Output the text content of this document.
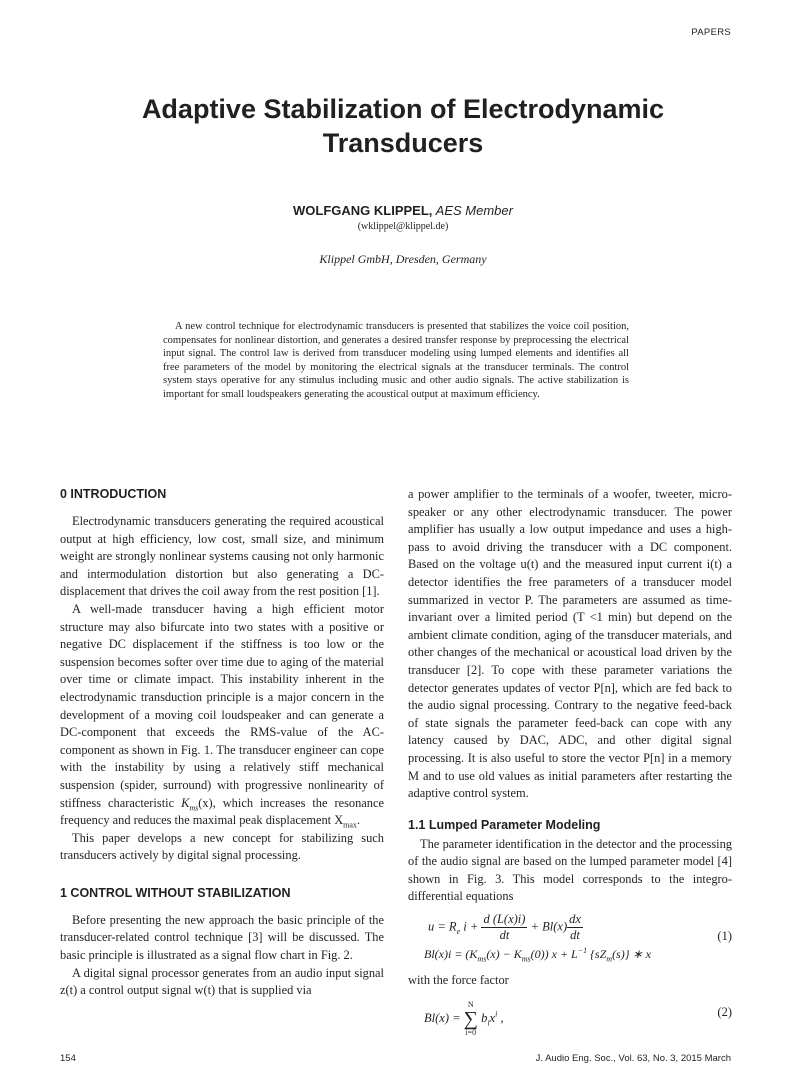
PAPERS
Adaptive Stabilization of Electrodynamic Transducers
WOLFGANG KLIPPEL, AES Member
(wklippel@klippel.de)
Klippel GmbH, Dresden, Germany
A new control technique for electrodynamic transducers is presented that stabilizes the voice coil position, compensates for nonlinear distortion, and generates a desired transfer response by preprocessing the electrical input signal. The control law is derived from transducer modeling using lumped elements and identifies all free parameters of the model by monitoring the electrical signals at the transducer terminals. The control system stays operative for any stimulus including music and other audio signals. The active stabilization is important for small loudspeakers generating the acoustical output at maximum efficiency.
0 INTRODUCTION

Electrodynamic transducers generating the required acoustical output at high efficiency, low cost, small size, and minimum weight are strongly nonlinear systems causing not only harmonic and intermodulation distortion but also generating a DC-displacement that drives the coil away from the rest position [1].

A well-made transducer having a high efficient motor structure may also bifurcate into two states with a positive or negative DC displacement if the stiffness is too low or the suspension becomes softer over time due to aging of the material over time or climate impact. This instability inherent in the electrodynamic transduction principle is a major concern in the development of a moving coil loudspeaker and can generate a DC-component that exceeds the RMS-value of the AC-component as shown in Fig. 1. The transducer engineer can cope with the instability by using a relatively stiff mechanical suspension (spider, surround) with progressive nonlinearity of stiffness characteristic $K_{ms}(x)$, which increases the resonance frequency and reduces the maximal peak displacement $X_{max}$.

This paper develops a new concept for stabilizing such transducers actively by digital signal processing.

1 CONTROL WITHOUT STABILIZATION

Before presenting the new approach the basic principle of the transducer-related control technique [3] will be discussed. The basic principle is illustrated as a signal flow chart in Fig. 2.

A digital signal processor generates from an audio input signal z(t) a control output signal w(t) that is supplied via

a power amplifier to the terminals of a woofer, tweeter, micro-speaker or any other electrodynamic transducer. The power amplifier has usually a low output impedance and uses a high-pass to avoid driving the transducer with a DC component. Based on the voltage u(t) and the measured input current i(t) a detector identifies the free parameters of a transducer model summarized in vector P. The parameters are assumed as time-invariant over a limited period (T <1 min) but depend on the ambient climate condition, aging of the transducer materials, and other changes of the mechanical or acoustical load driven by the transducer [2]. To cope with these parameter variations the detector generates updates of vector P[n], which are fed back to the audio signal processing. Contrary to the negative feed-back of state signals the parameter feed-back can cope with any latency caused by DAC, ADC, and other digital signal processing. It is also useful to store the vector P[n] in a memory M and to use old values as initial parameters after restarting the adaptive control system.

1.1 Lumped Parameter Modeling

The parameter identification in the detector and the processing of the audio signal are based on the lumped parameter model [4] shown in Fig. 3. This model corresponds to the integro-differential equations

$u = R_e$ $i + \frac{d (L(x)i)}{dt} + Bl(x) \frac{dx}{dt}$
$Bl(x)i = (K_{ms}(x) - K_{ms}(0)) x + L^{-1}$ $\{sZ_m(s)\}$ ∗ x
(1)

with the force factor

Bl(x) =
N
∑
i=0
$b_ix^i$ ,	(2)
154	J. Audio Eng. Soc., Vol. 63, No. 3, 2015 March
